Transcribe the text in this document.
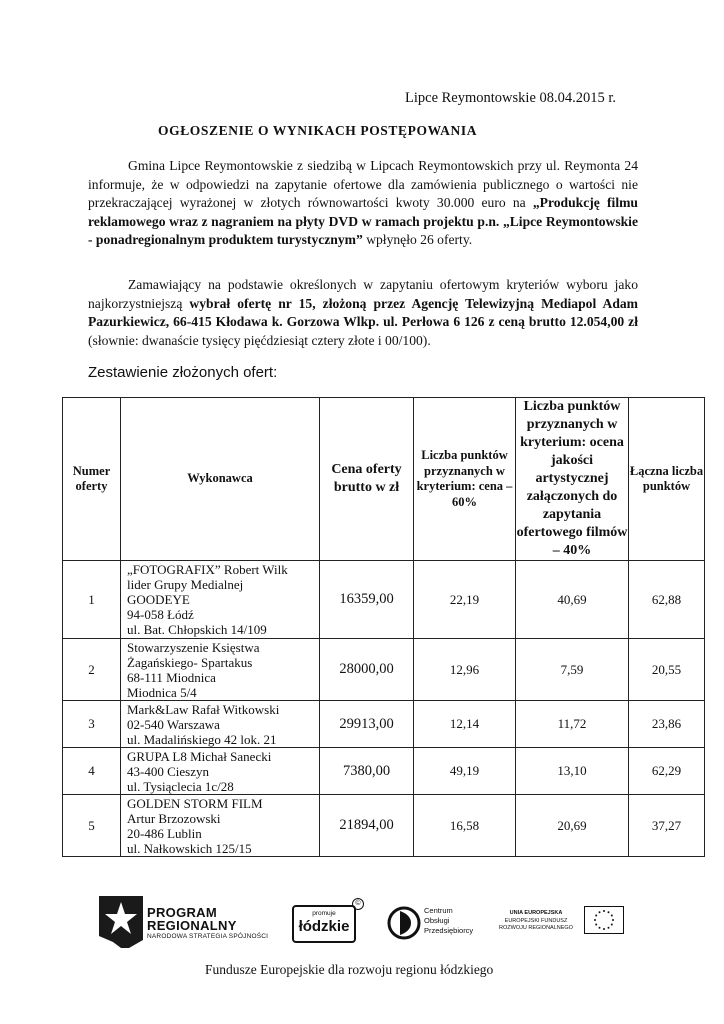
Lipce Reymontowskie 08.04.2015 r.
OGŁOSZENIE O WYNIKACH POSTĘPOWANIA
Gmina Lipce Reymontowskie z siedzibą w Lipcach Reymontowskich przy ul. Reymonta 24 informuje, że w odpowiedzi na zapytanie ofertowe dla zamówienia publicznego o wartości nie przekraczającej wyrażonej w złotych równowartości kwoty 30.000 euro na „Produkcję filmu reklamowego wraz z nagraniem na płyty DVD w ramach projektu p.n. „Lipce Reymontowskie - ponadregionalnym produktem turystycznym” wpłynęło 26 oferty.
Zamawiający na podstawie określonych w zapytaniu ofertowym kryteriów wyboru jako najkorzystniejszą wybrał ofertę nr 15, złożoną przez Agencję Telewizyjną Mediapol Adam Pazurkiewicz, 66-415 Kłodawa k. Gorzowa Wlkp. ul. Perłowa 6 126 z ceną brutto 12.054,00 zł (słownie: dwanaście tysięcy pięćdziesiąt cztery złote i 00/100).
Zestawienie złożonych ofert:
Numer oferty	Wykonawca	Cena oferty brutto w zł	Liczba punktów przyznanych w kryterium: cena – 60%	Liczba punktów przyznanych w kryterium: ocena jakości artystycznej załączonych do zapytania ofertowego filmów – 40%	Łączna liczba punktów
1	„FOTOGRAFIX” Robert Wilk
lider Grupy Medialnej
GOODEYE
94-058 Łódź
ul. Bat. Chłopskich 14/109	16359,00	22,19	40,69	62,88
2	Stowarzyszenie Księstwa
Żagańskiego- Spartakus
68-111 Miodnica
Miodnica 5/4	28000,00	12,96	7,59	20,55
3	Mark&Law Rafał Witkowski
02-540 Warszawa
ul. Madalińskiego 42 lok. 21	29913,00	12,14	11,72	23,86
4	GRUPA L8 Michał Sanecki
43-400 Cieszyn
ul. Tysiąclecia 1c/28	7380,00	49,19	13,10	62,29
5	GOLDEN STORM FILM
Artur Brzozowski
20-486 Lublin
ul. Nałkowskich 125/15	21894,00	16,58	20,69	37,27
PROGRAM
REGIONALNY
NARODOWA STRATEGIA SPÓJNOŚCI
promuje
łódzkie
©
Centrum
Obsługi
Przedsiębiorcy
UNIA EUROPEJSKA
EUROPEJSKI FUNDUSZ
ROZWOJU REGIONALNEGO
Fundusze Europejskie dla rozwoju regionu łódzkiego
